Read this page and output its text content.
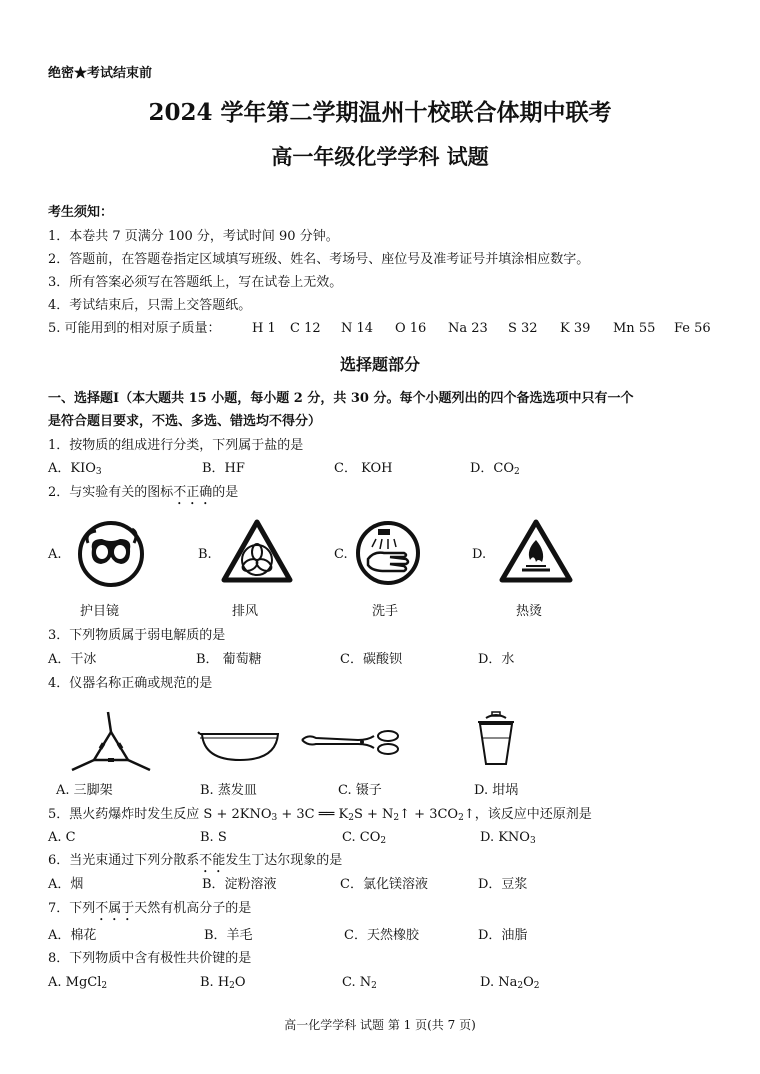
绝密★考试结束前
2024 学年第二学期温州十校联合体期中联考
高一年级化学学科 试题
考生须知：
1．本卷共 7 页满分 100 分，考试时间 90 分钟。
2．答题前，在答题卷指定区域填写班级、姓名、考场号、座位号及准考证号并填涂相应数字。
3．所有答案必须写在答题纸上，写在试卷上无效。
4．考试结束后，只需上交答题纸。
5. 可能用到的相对原子质量： H 1 C 12 N 14 O 16 Na 23 S 32 K 39 Mn 55 Fe 56
选择题部分
一、选择题Ⅰ（本大题共 15 小题，每小题 2 分，共 30 分。每个小题列出的四个备选选项中只有一个
是符合题目要求，不选、多选、错选均不得分）
1．按物质的组成进行分类，下列属于盐的是
A．$KIO_3$	B．HF	C． KOH	D．$CO_2$
2．与实验有关的图标不正确的是
A.	B.	C.	D.
护目镜	排风	洗手	热烫
3．下列物质属于弱电解质的是
A．干冰	B． 葡萄糖	C．碳酸钡	D．水
4．仪器名称正确或规范的是
A. 三脚架	B. 蒸发皿	C. 镊子	D. 坩埚
5．黑火药爆炸时发生反应 $S + 2KNO_3 + 3C$ ══ $K_2S$ + $N_2↑$ + $3CO_2↑$，该反应中还原剂是
A. C	B. S	C. $CO_2$	D. $KNO_3$
6．当光束通过下列分散系不能发生丁达尔现象的是
A．烟	B．淀粉溶液	C．氯化镁溶液	D．豆浆
7．下列不属于天然有机高分子的是
A．棉花	B．羊毛	C．天然橡胶	D．油脂
8．下列物质中含有极性共价键的是
A. MgCl$_2$	B. $H_2O$	C. $N_2$	D. $Na_2O_2$
高一化学学科 试题 第 1 页(共 7 页)
